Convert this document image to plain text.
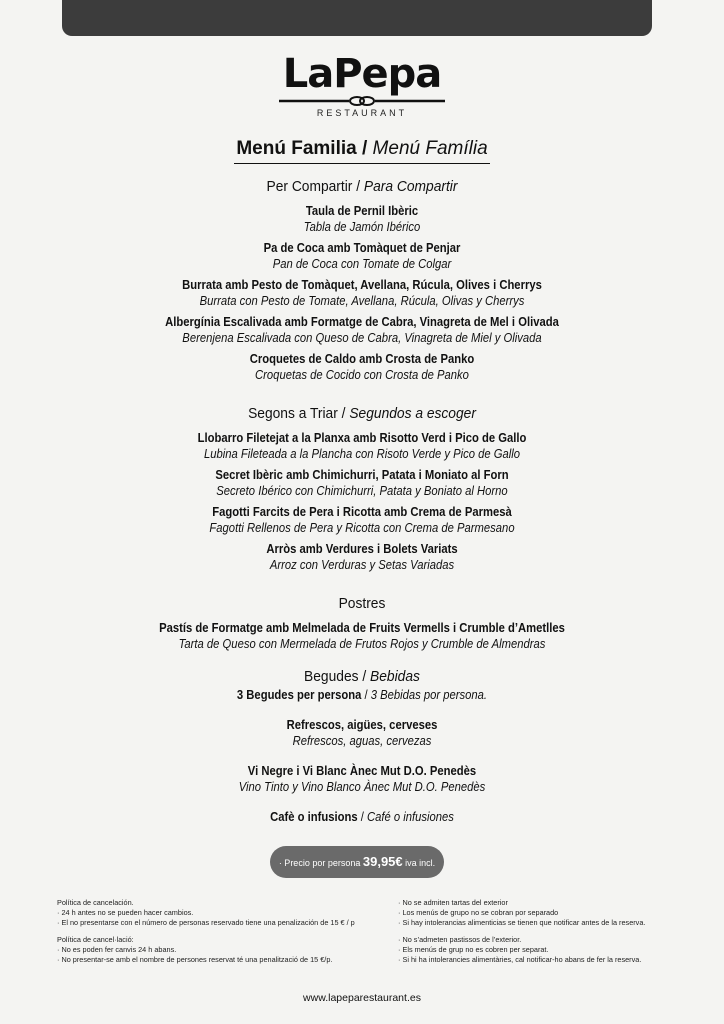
LaPepa
RESTAURANT
Menú Familia / Menú Família
Per Compartir / Para Compartir
Taula de Pernil Ibèric
Tabla de Jamón Ibérico
Pa de Coca amb Tomàquet de Penjar
Pan de Coca con Tomate de Colgar
Burrata amb Pesto de Tomàquet, Avellana, Rúcula, Olives i Cherrys
Burrata con Pesto de Tomate, Avellana, Rúcula, Olivas y Cherrys
Albergínia Escalivada amb Formatge de Cabra, Vinagreta de Mel i Olivada
Berenjena Escalivada con Queso de Cabra, Vinagreta de Miel y Olivada
Croquetes de Caldo amb Crosta de Panko
Croquetas de Cocido con Crosta de Panko
Segons a Triar / Segundos a escoger
Llobarro Filetejat a la Planxa amb Risotto Verd i Pico de Gallo
Lubina Fileteada a la Plancha con Risoto Verde y Pico de Gallo
Secret Ibèric amb Chimichurri, Patata i Moniato al Forn
Secreto Ibérico con Chimichurri, Patata y Boniato al Horno
Fagotti Farcits de Pera i Ricotta amb Crema de Parmesà
Fagotti Rellenos de Pera y Ricotta con Crema de Parmesano
Arròs amb Verdures i Bolets Variats
Arroz con Verduras y Setas Variadas
Postres
Pastís de Formatge amb Melmelada de Fruits Vermells i Crumble d’Ametlles
Tarta de Queso con Mermelada de Frutos Rojos y Crumble de Almendras
Begudes / Bebidas
3 Begudes per persona / 3 Bebidas por persona.
Refrescos, aigües, cerveses
Refrescos, aguas, cervezas
Vi Negre i Vi Blanc Ànec Mut D.O. Penedès
Vino Tinto y Vino Blanco Ànec Mut D.O. Penedès
Cafè o infusions / Café o infusiones
· Precio por persona 39,95€ iva incl.

Política de cancelación.
· 24 h antes no se pueden hacer cambios.
· El no presentarse con el número de personas reservado tiene una penalización de 15 € / p

Política de cancel·lació:
· No es poden fer canvis 24 h abans.
· No presentar-se amb el nombre de persones reservat té una penalització de 15 €/p.

· No se admiten tartas del exterior
· Los menús de grupo no se cobran por separado
· Si hay intolerancias alimenticias se tienen que notificar antes de la reserva.

· No s’admeten pastissos de l’exterior.
· Els menús de grup no es cobren per separat.
· Si hi ha intolerancies alimentàries, cal notificar-ho abans de fer la reserva.

www.lapeparestaurant.es
